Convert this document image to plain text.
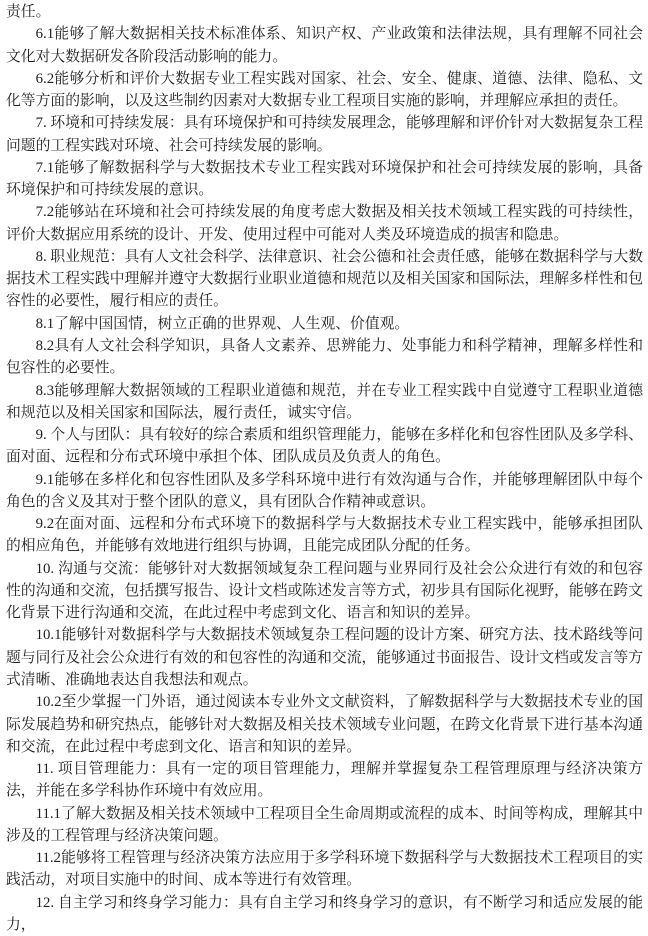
责任。

6.1能够了解大数据相关技术标准体系、知识产权、产业政策和法律法规，具有理解不同社会文化对大数据研发各阶段活动影响的能力。

6.2能够分析和评价大数据专业工程实践对国家、社会、安全、健康、道德、法律、隐私、文化等方面的影响，以及这些制约因素对大数据专业工程项目实施的影响，并理解应承担的责任。

7. 环境和可持续发展：具有环境保护和可持续发展理念，能够理解和评价针对大数据复杂工程问题的工程实践对环境、社会可持续发展的影响。

7.1能够了解数据科学与大数据技术专业工程实践对环境保护和社会可持续发展的影响，具备环境保护和可持续发展的意识。

7.2能够站在环境和社会可持续发展的角度考虑大数据及相关技术领域工程实践的可持续性，评价大数据应用系统的设计、开发、使用过程中可能对人类及环境造成的损害和隐患。

8. 职业规范：具有人文社会科学、法律意识、社会公德和社会责任感，能够在数据科学与大数据技术工程实践中理解并遵守大数据行业职业道德和规范以及相关国家和国际法，理解多样性和包容性的必要性，履行相应的责任。

8.1了解中国国情，树立正确的世界观、人生观、价值观。

8.2具有人文社会科学知识，具备人文素养、思辨能力、处事能力和科学精神，理解多样性和包容性的必要性。

8.3能够理解大数据领域的工程职业道德和规范，并在专业工程实践中自觉遵守工程职业道德和规范以及相关国家和国际法，履行责任，诚实守信。

9. 个人与团队：具有较好的综合素质和组织管理能力，能够在多样化和包容性团队及多学科、面对面、远程和分布式环境中承担个体、团队成员及负责人的角色。

9.1能够在多样化和包容性团队及多学科环境中进行有效沟通与合作，并能够理解团队中每个角色的含义及其对于整个团队的意义，具有团队合作精神或意识。

9.2在面对面、远程和分布式环境下的数据科学与大数据技术专业工程实践中，能够承担团队的相应角色，并能够有效地进行组织与协调，且能完成团队分配的任务。

10. 沟通与交流：能够针对大数据领域复杂工程问题与业界同行及社会公众进行有效的和包容性的沟通和交流，包括撰写报告、设计文档或陈述发言等方式，初步具有国际化视野，能够在跨文化背景下进行沟通和交流，在此过程中考虑到文化、语言和知识的差异。

10.1能够针对数据科学与大数据技术领域复杂工程问题的设计方案、研究方法、技术路线等问题与同行及社会公众进行有效的和包容性的沟通和交流，能够通过书面报告、设计文档或发言等方式清晰、准确地表达自我想法和观点。

10.2至少掌握一门外语，通过阅读本专业外文文献资料，了解数据科学与大数据技术专业的国际发展趋势和研究热点，能够针对大数据及相关技术领域专业问题，在跨文化背景下进行基本沟通和交流，在此过程中考虑到文化、语言和知识的差异。

11. 项目管理能力：具有一定的项目管理能力，理解并掌握复杂工程管理原理与经济决策方法，并能在多学科协作环境中有效应用。

11.1了解大数据及相关技术领域中工程项目全生命周期或流程的成本、时间等构成，理解其中涉及的工程管理与经济决策问题。

11.2能够将工程管理与经济决策方法应用于多学科环境下数据科学与大数据技术工程项目的实践活动，对项目实施中的时间、成本等进行有效管理。

12. 自主学习和终身学习能力：具有自主学习和终身学习的意识，有不断学习和适应发展的能力，
